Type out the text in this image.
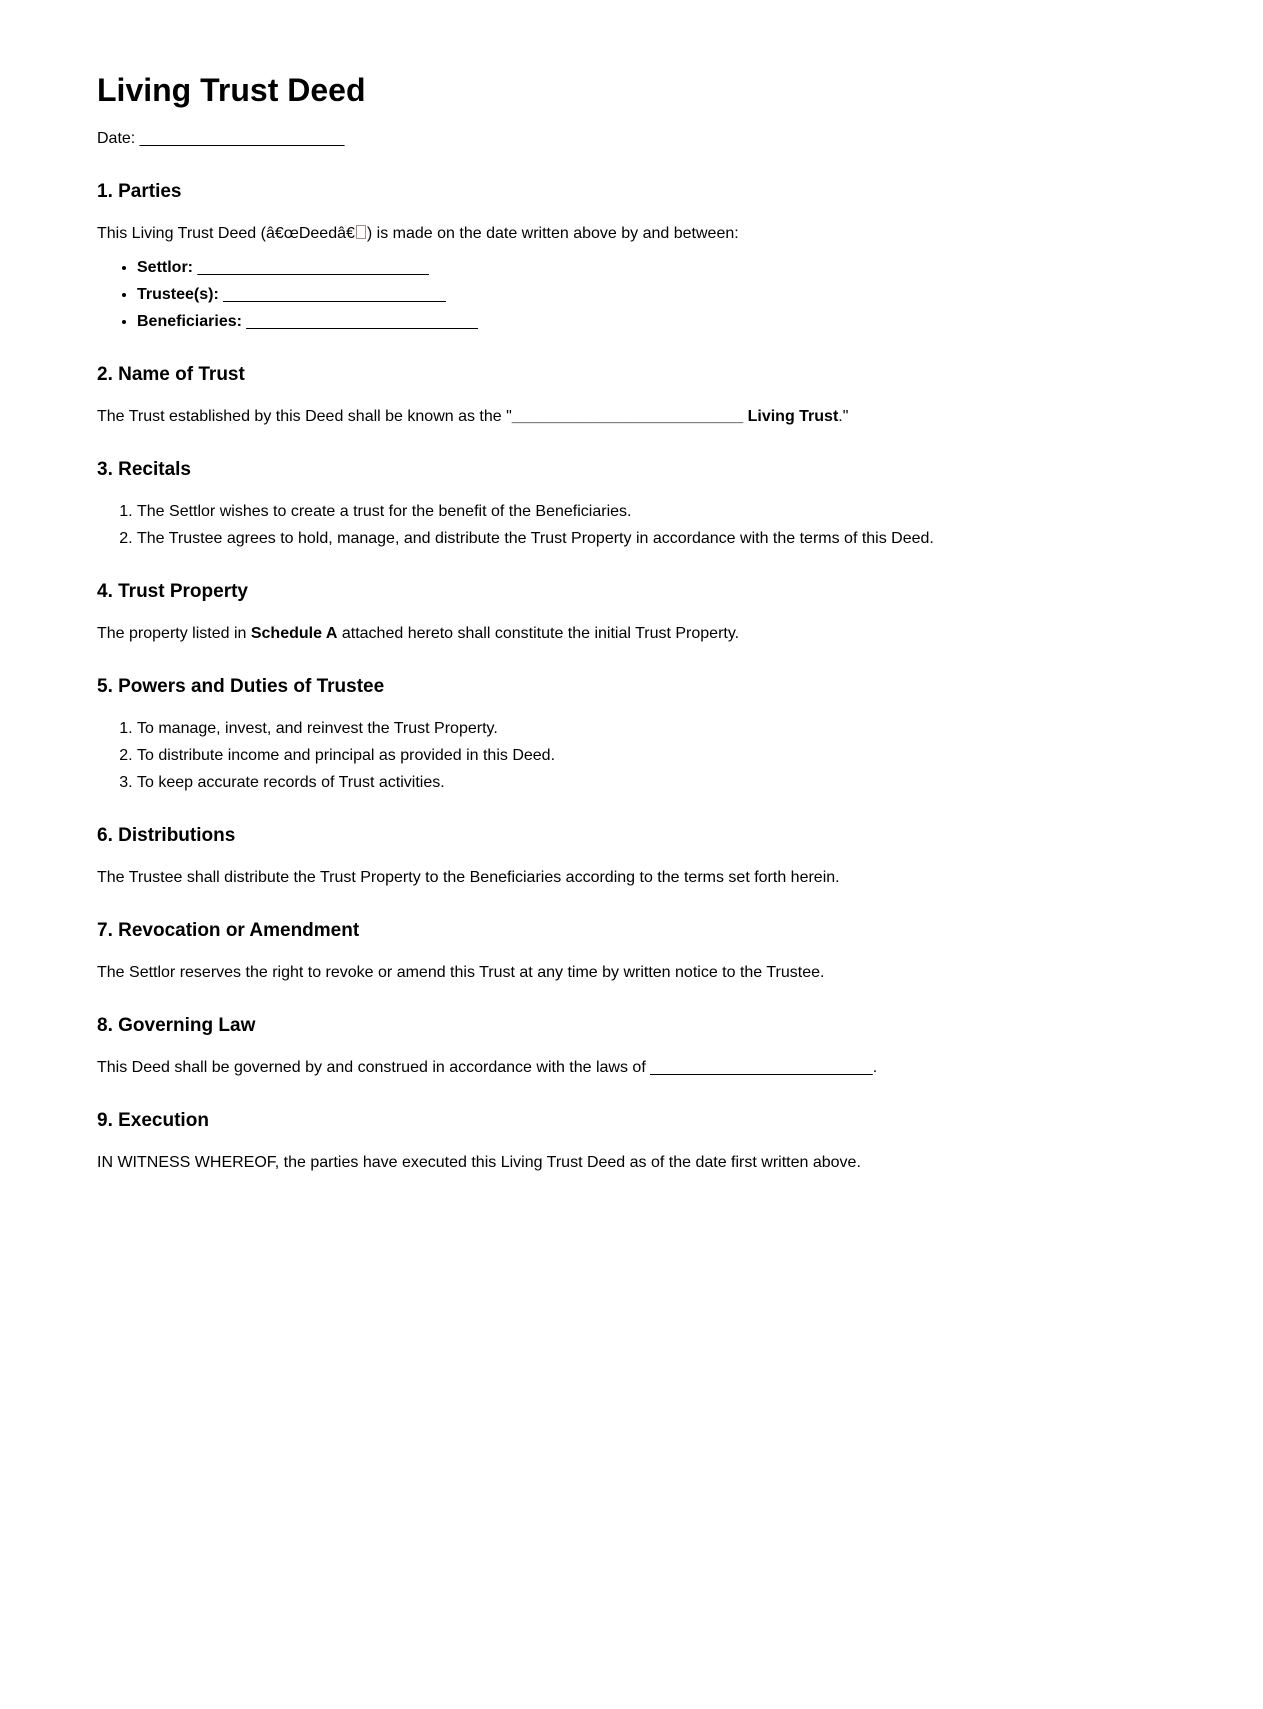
Living Trust Deed

Date: _______________________

1. Parties

This Living Trust Deed (â€œDeedâ€ ) is made on the date written above by and between:

• Settlor: __________________________
• Trustee(s): _________________________
• Beneficiaries: __________________________
2. Name of Trust

The Trust established by this Deed shall be known as the "__________________________ Living Trust."

3. Recitals
1. The Settlor wishes to create a trust for the benefit of the Beneficiaries.
2. The Trustee agrees to hold, manage, and distribute the Trust Property in accordance with the terms of this Deed.
4. Trust Property

The property listed in Schedule A attached hereto shall constitute the initial Trust Property.

5. Powers and Duties of Trustee
1. To manage, invest, and reinvest the Trust Property.
2. To distribute income and principal as provided in this Deed.
3. To keep accurate records of Trust activities.
6. Distributions

The Trustee shall distribute the Trust Property to the Beneficiaries according to the terms set forth herein.

7. Revocation or Amendment

The Settlor reserves the right to revoke or amend this Trust at any time by written notice to the Trustee.

8. Governing Law

This Deed shall be governed by and construed in accordance with the laws of _________________________.

9. Execution

IN WITNESS WHEREOF, the parties have executed this Living Trust Deed as of the date first written above.
